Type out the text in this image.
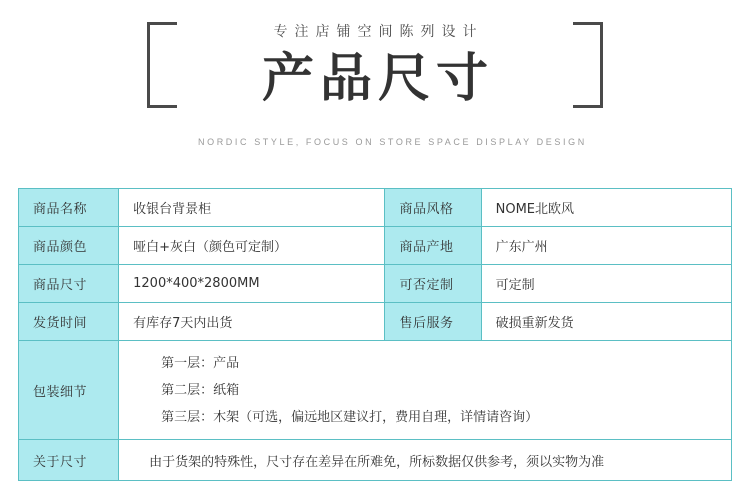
专注店铺空间陈列设计
产品尺寸
NORDIC STYLE, FOCUS ON STORE SPACE DISPLAY DESIGN
商品名称	收银台背景柜	商品风格	NOME北欧风
商品颜色	哑白+灰白（颜色可定制）	商品产地	广东广州
商品尺寸	1200*400*2800MM	可否定制	可定制
发货时间	有库存7天内出货	售后服务	破损重新发货
包装细节	第一层：产品
第二层：纸箱
第三层：木架（可选，偏远地区建议打，费用自理，详情请咨询）		

关于尺寸	由于货架的特殊性，尺寸存在差异在所难免，所标数据仅供参考，须以实物为准		
